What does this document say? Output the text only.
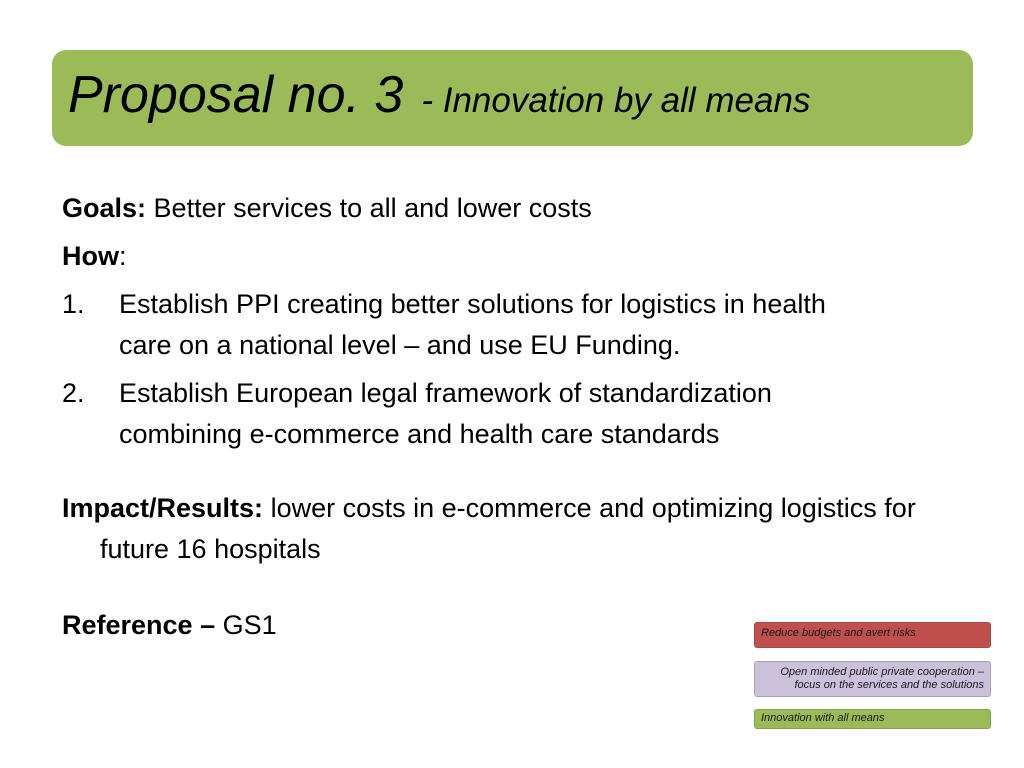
Proposal no. 3 - Innovation by all means

Goals: Better services to all and lower costs

How:

1. Establish PPI creating better solutions for logistics in health
care on a national level – and use EU Funding.
2. Establish European legal framework of standardization
combining e-commerce and health care standards

Impact/Results: lower costs in e-commerce and optimizing logistics for future 16 hospitals

Reference – GS1	Reduce budgets and avert risks
Open minded public private cooperation –
focus on the services and the solutions
Innovation with all means
